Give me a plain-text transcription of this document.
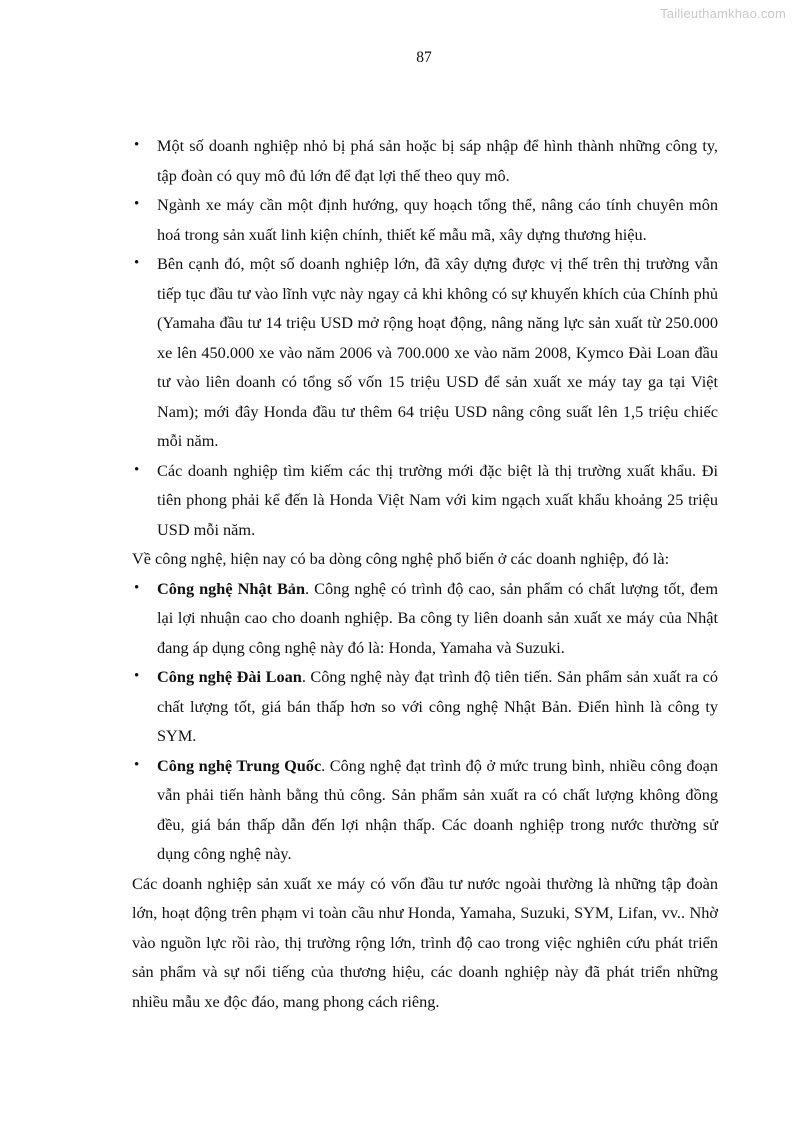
Tailieuthamkhao.com
87
• Một số doanh nghiệp nhỏ bị phá sản hoặc bị sáp nhập để hình thành những công ty, tập đoàn có quy mô đủ lớn để đạt lợi thế theo quy mô.
• Ngành xe máy cần một định hướng, quy hoạch tổng thể, nâng cáo tính chuyên môn hoá trong sản xuất linh kiện chính, thiết kế mẫu mã, xây dựng thương hiệu.
• Bên cạnh đó, một số doanh nghiệp lớn, đã xây dựng được vị thế trên thị trường vẫn tiếp tục đầu tư vào lĩnh vực này ngay cả khi không có sự khuyến khích của Chính phủ (Yamaha đầu tư 14 triệu USD mở rộng hoạt động, nâng năng lực sản xuất từ 250.000 xe lên 450.000 xe vào năm 2006 và 700.000 xe vào năm 2008, Kymco Đài Loan đầu tư vào liên doanh có tổng số vốn 15 triệu USD để sản xuất xe máy tay ga tại Việt Nam); mới đây Honda đầu tư thêm 64 triệu USD nâng công suất lên 1,5 triệu chiếc mỗi năm.
• Các doanh nghiệp tìm kiếm các thị trường mới đặc biệt là thị trường xuất khẩu. Đi tiên phong phải kể đến là Honda Việt Nam với kim ngạch xuất khẩu khoảng 25 triệu USD mỗi năm.

Về công nghệ, hiện nay có ba dòng công nghệ phổ biến ở các doanh nghiệp, đó là:

• Công nghệ Nhật Bản. Công nghệ có trình độ cao, sản phẩm có chất lượng tốt, đem lại lợi nhuận cao cho doanh nghiệp. Ba công ty liên doanh sản xuất xe máy của Nhật đang áp dụng công nghệ này đó là: Honda, Yamaha và Suzuki.
• Công nghệ Đài Loan. Công nghệ này đạt trình độ tiên tiến. Sản phẩm sản xuất ra có chất lượng tốt, giá bán thấp hơn so với công nghệ Nhật Bản. Điển hình là công ty SYM.
• Công nghệ Trung Quốc. Công nghệ đạt trình độ ở mức trung bình, nhiều công đoạn vẫn phải tiến hành bằng thủ công. Sản phẩm sản xuất ra có chất lượng không đồng đều, giá bán thấp dẫn đến lợi nhận thấp. Các doanh nghiệp trong nước thường sử dụng công nghệ này.

Các doanh nghiệp sản xuất xe máy có vốn đầu tư nước ngoài thường là những tập đoàn lớn, hoạt động trên phạm vi toàn cầu như Honda, Yamaha, Suzuki, SYM, Lifan, vv.. Nhờ vào nguồn lực rồi rào, thị trường rộng lớn, trình độ cao trong việc nghiên cứu phát triển sản phẩm và sự nổi tiếng của thương hiệu, các doanh nghiệp này đã phát triển những nhiều mẫu xe độc đáo, mang phong cách riêng.
